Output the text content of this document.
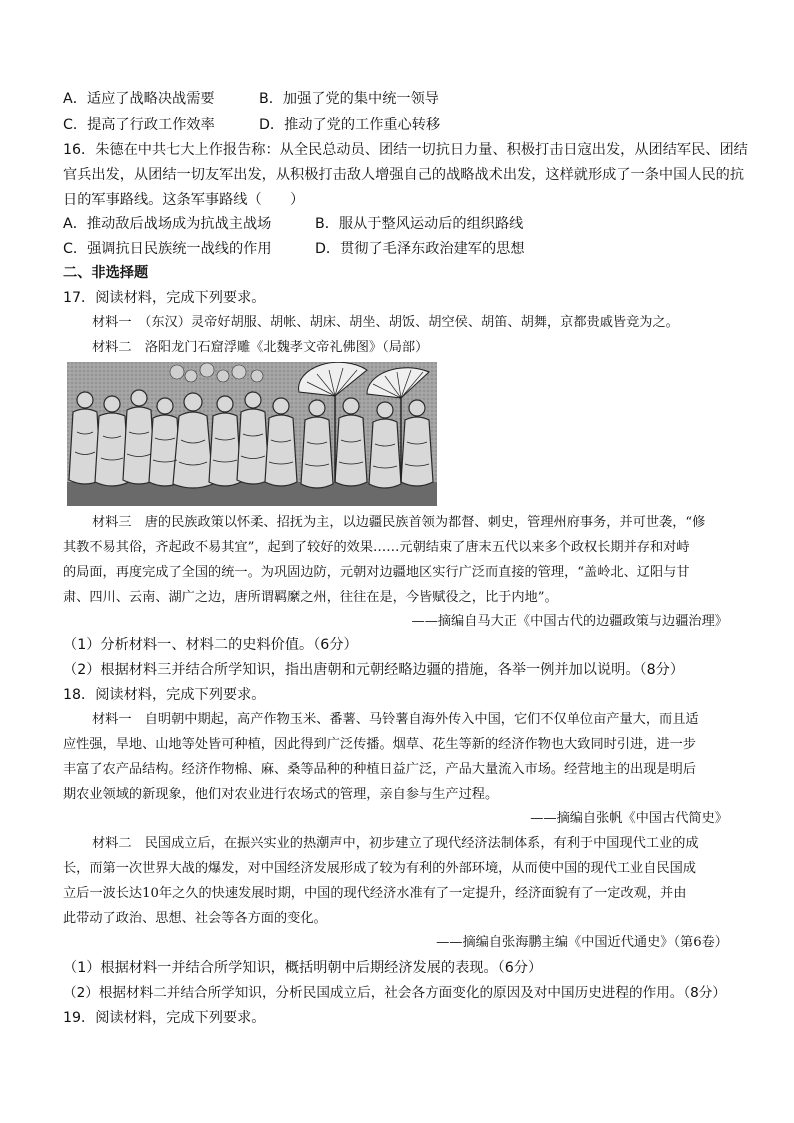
A．适应了战略决战需要	B．加强了党的集中统一领导
C．提高了行政工作效率	D．推动了党的工作重心转移
16．朱德在中共七大上作报告称：从全民总动员、团结一切抗日力量、积极打击日寇出发，从团结军民、团结
官兵出发，从团结一切友军出发，从积极打击敌人增强自己的战略战术出发，这样就形成了一条中国人民的抗
日的军事路线。这条军事路线（　　）
A．推动敌后战场成为抗战主战场	B．服从于整风运动后的组织路线
C．强调抗日民族统一战线的作用	D．贯彻了毛泽东政治建军的思想
二、非选择题
17．阅读材料，完成下列要求。
材料一　（东汉）灵帝好胡服、胡帐、胡床、胡坐、胡饭、胡空侯、胡笛、胡舞，京都贵戚皆竞为之。
材料二　洛阳龙门石窟浮雕《北魏孝文帝礼佛图》（局部）
材料三　唐的民族政策以怀柔、招抚为主，以边疆民族首领为都督、刺史，管理州府事务，并可世袭，“修
其教不易其俗，齐起政不易其宜”，起到了较好的效果……元朝结束了唐末五代以来多个政权长期并存和对峙
的局面，再度完成了全国的统一。为巩固边防，元朝对边疆地区实行广泛而直接的管理，“盖岭北、辽阳与甘
肃、四川、云南、湖广之边，唐所谓羁縻之州，往往在是，今皆赋役之，比于内地”。
——摘编自马大正《中国古代的边疆政策与边疆治理》
（1）分析材料一、材料二的史料价值。（6分）
（2）根据材料三并结合所学知识，指出唐朝和元朝经略边疆的措施，各举一例并加以说明。（8分）
18．阅读材料，完成下列要求。
材料一　自明朝中期起，高产作物玉米、番薯、马铃薯自海外传入中国，它们不仅单位亩产量大，而且适
应性强，旱地、山地等处皆可种植，因此得到广泛传播。烟草、花生等新的经济作物也大致同时引进，进一步
丰富了农产品结构。经济作物棉、麻、桑等品种的种植日益广泛，产品大量流入市场。经营地主的出现是明后
期农业领域的新现象，他们对农业进行农场式的管理，亲自参与生产过程。
——摘编自张帆《中国古代简史》
材料二　民国成立后，在振兴实业的热潮声中，初步建立了现代经济法制体系，有利于中国现代工业的成
长，而第一次世界大战的爆发，对中国经济发展形成了较为有利的外部环境，从而使中国的现代工业自民国成
立后一波长达10年之久的快速发展时期，中国的现代经济水准有了一定提升，经济面貌有了一定改观，并由
此带动了政治、思想、社会等各方面的变化。
——摘编自张海鹏主编《中国近代通史》（第6卷）
（1）根据材料一并结合所学知识，概括明朝中后期经济发展的表现。（6分）
（2）根据材料二并结合所学知识，分析民国成立后，社会各方面变化的原因及对中国历史进程的作用。（8分）
19．阅读材料，完成下列要求。
